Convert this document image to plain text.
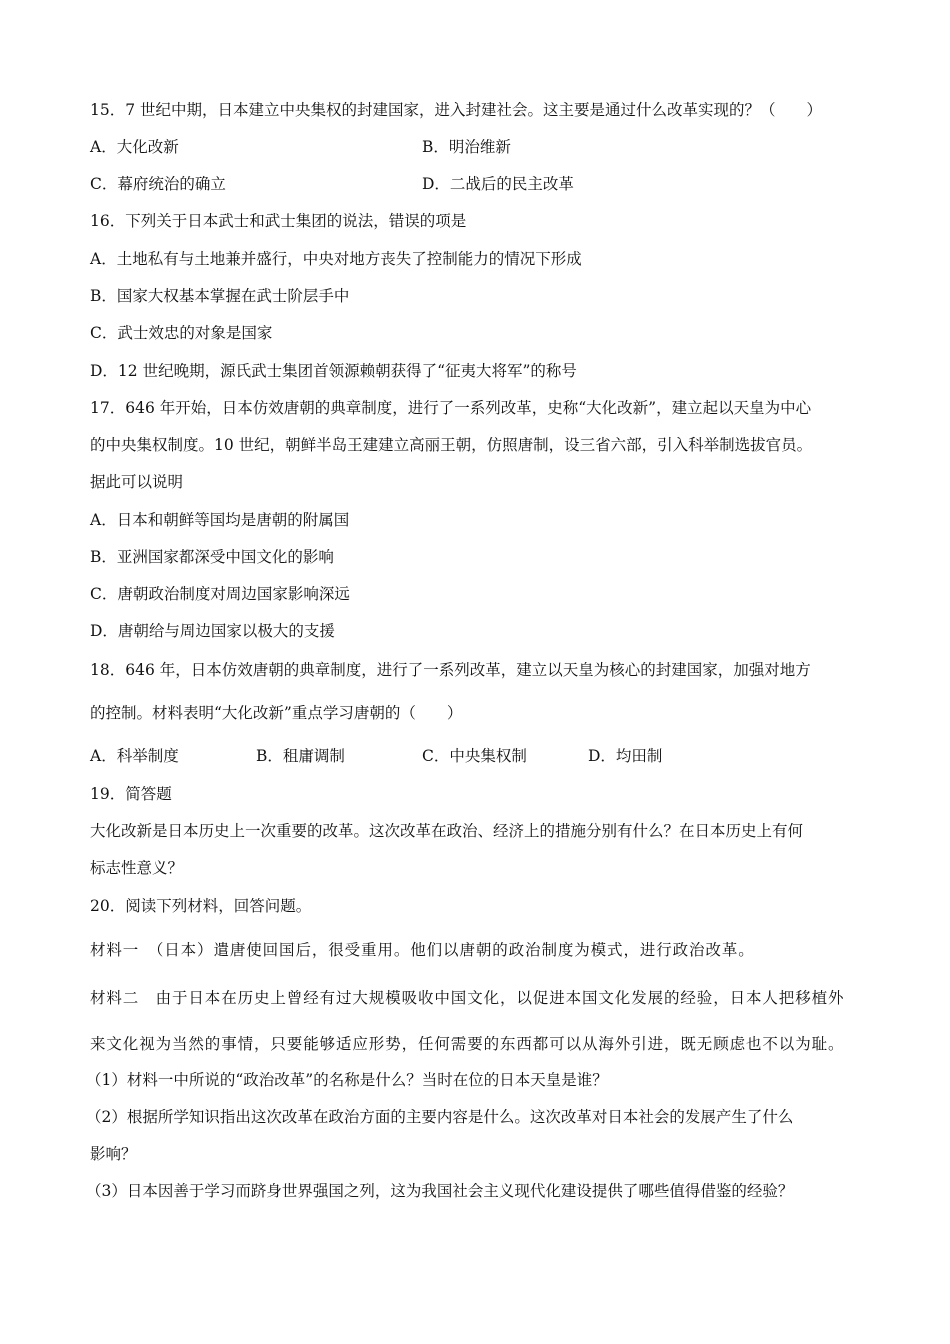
15．7 世纪中期，日本建立中央集权的封建国家，进入封建社会。这主要是通过什么改革实现的？（　　）
A．大化改新	B．明治维新
C．幕府统治的确立	D．二战后的民主改革
16．下列关于日本武士和武士集团的说法，错误的项是
A．土地私有与土地兼并盛行，中央对地方丧失了控制能力的情况下形成
B．国家大权基本掌握在武士阶层手中
C．武士效忠的对象是国家
D．12 世纪晚期，源氏武士集团首领源赖朝获得了“征夷大将军”的称号
17．646 年开始，日本仿效唐朝的典章制度，进行了一系列改革，史称“大化改新”，建立起以天皇为中心
的中央集权制度。10 世纪，朝鲜半岛王建建立高丽王朝，仿照唐制，设三省六部，引入科举制选拔官员。
据此可以说明
A．日本和朝鲜等国均是唐朝的附属国
B．亚洲国家都深受中国文化的影响
C．唐朝政治制度对周边国家影响深远
D．唐朝给与周边国家以极大的支援
18．646 年，日本仿效唐朝的典章制度，进行了一系列改革，建立以天皇为核心的封建国家，加强对地方
的控制。材料表明“大化改新”重点学习唐朝的（　　）
A．科举制度	B．租庸调制	C．中央集权制	D．均田制
19．简答题
大化改新是日本历史上一次重要的改革。这次改革在政治、经济上的措施分别有什么？在日本历史上有何
标志性意义？
20．阅读下列材料，回答问题。
材料一　（日本）遣唐使回国后，很受重用。他们以唐朝的政治制度为模式，进行政治改革。
材料二　由于日本在历史上曾经有过大规模吸收中国文化，以促进本国文化发展的经验，日本人把移植外
来文化视为当然的事情，只要能够适应形势，任何需要的东西都可以从海外引进，既无顾虑也不以为耻。
（1）材料一中所说的“政治改革”的名称是什么？当时在位的日本天皇是谁？
（2）根据所学知识指出这次改革在政治方面的主要内容是什么。这次改革对日本社会的发展产生了什么
影响？
（3）日本因善于学习而跻身世界强国之列，这为我国社会主义现代化建设提供了哪些值得借鉴的经验？
